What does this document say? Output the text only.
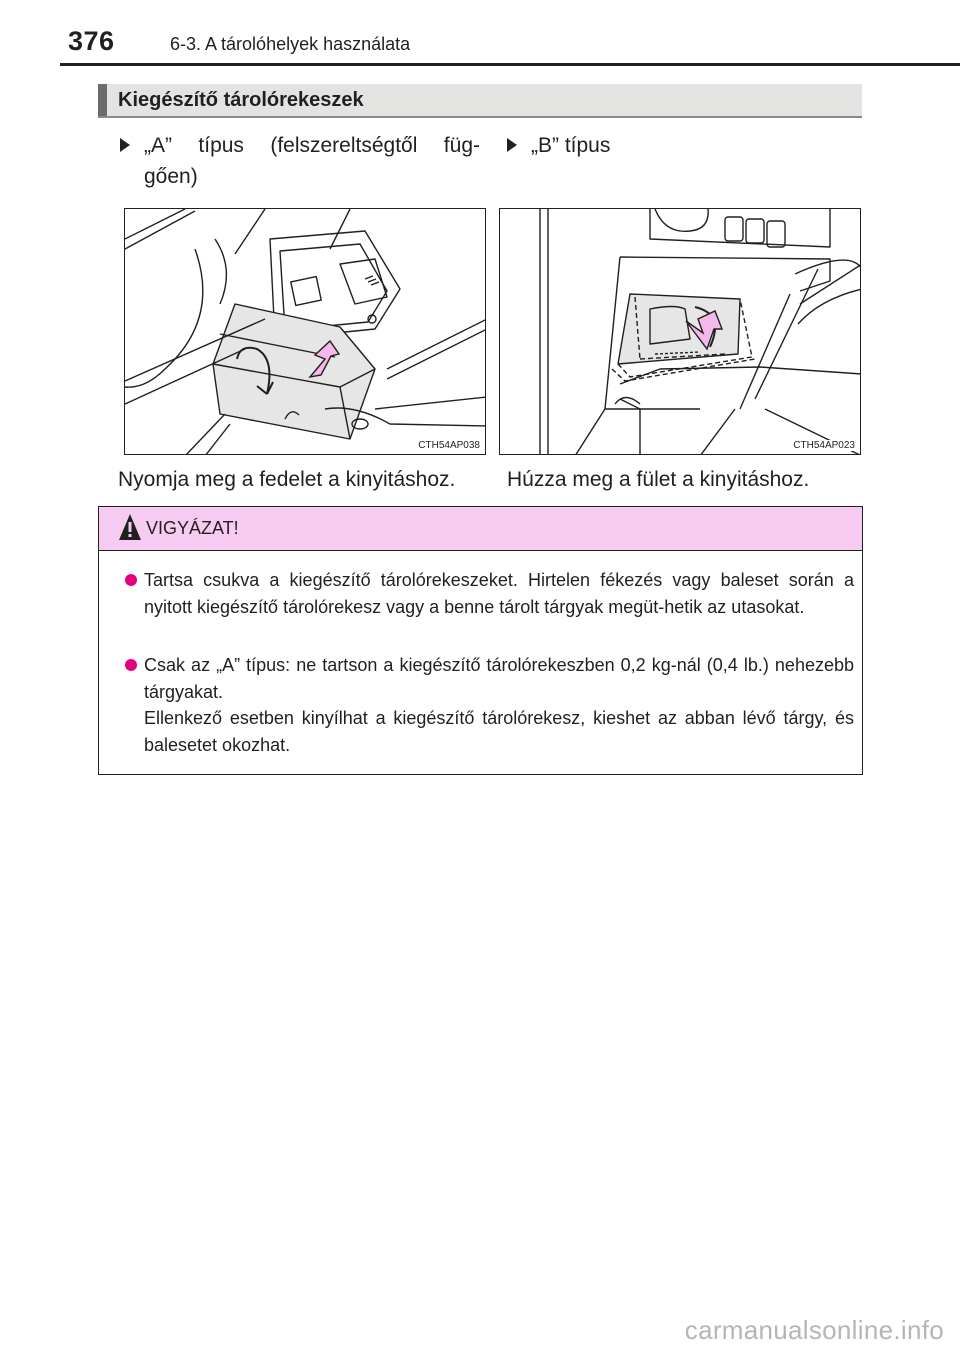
376	6-3. A tárolóhelyek használata
Kiegészítő tárolórekeszek
„A” típus (felszereltségtől füg-
gően)
„B” típus
CTH54AP038	CTH54AP023
Nyomja meg a fedelet a kinyitáshoz. Húzza meg a fület a kinyitáshoz.
VIGYÁZAT!
Tartsa csukva a kiegészítő tárolórekeszeket. Hirtelen fékezés vagy baleset során a nyitott kiegészítő tárolórekesz vagy a benne tárolt tárgyak megüt-hetik az utasokat.
Csak az „A” típus: ne tartson a kiegészítő tárolórekeszben 0,2 kg-nál (0,4 lb.) nehezebb tárgyakat.
Ellenkező esetben kinyílhat a kiegészítő tárolórekesz, kieshet az abban lévő tárgy, és balesetet okozhat.
carmanualsonline.info
